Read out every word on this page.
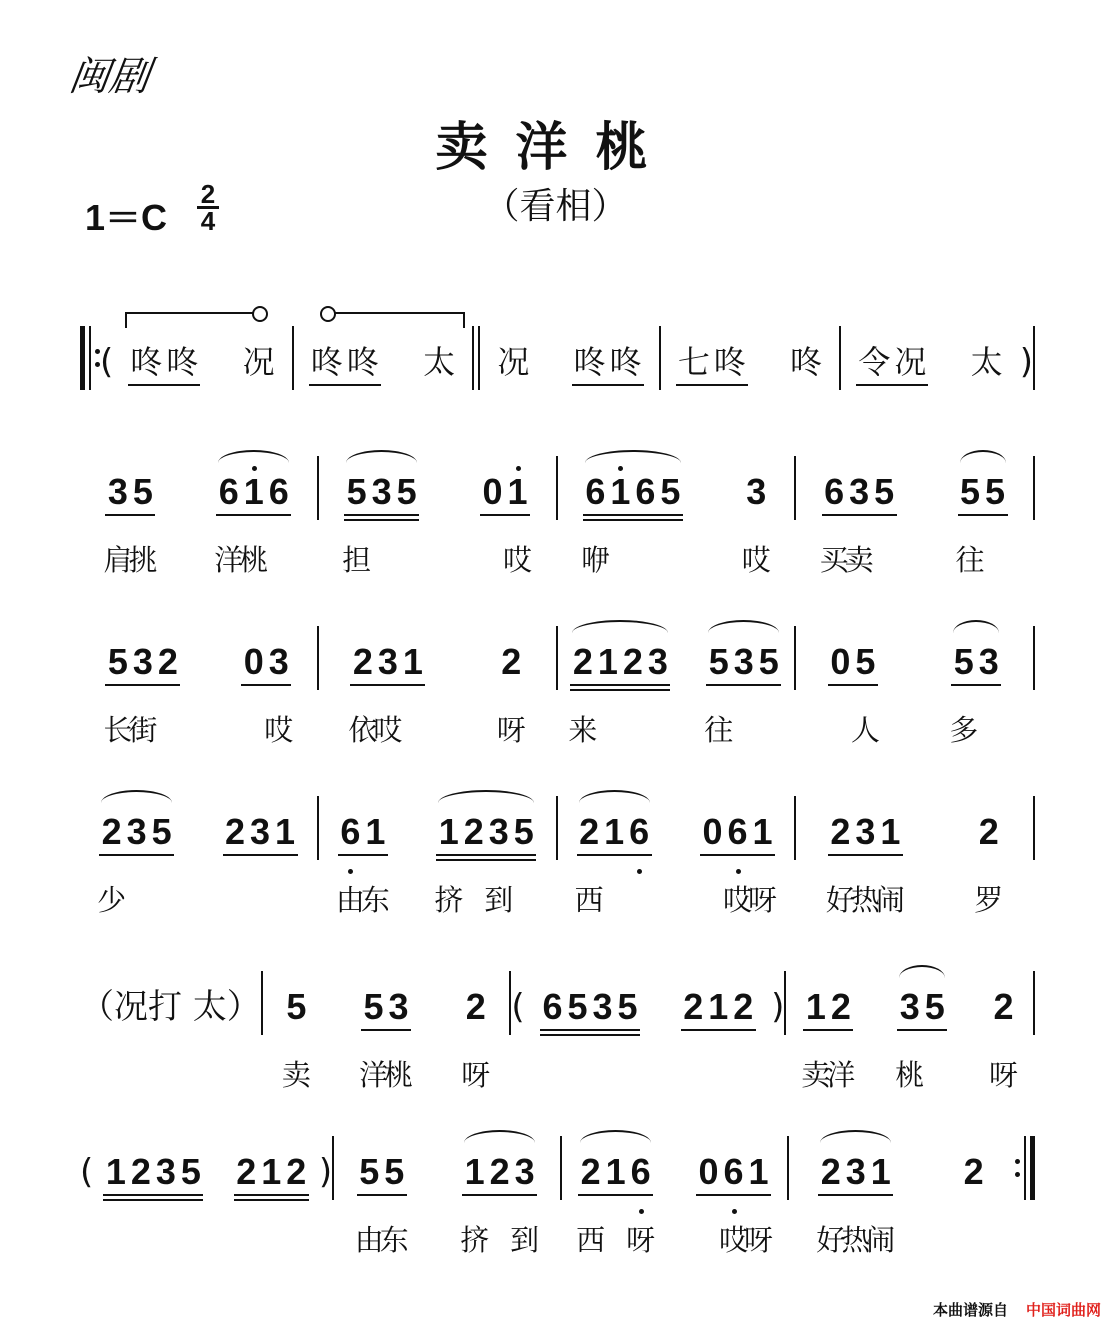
闽剧
卖洋桃
（看相）
1＝C
2
4
( 咚 咚 况 咚 咚 太 况 咚 咚 七 咚 咚 令 况 太 )
3
肩
5
挑
6
洋
1
桃
6 5
担
3 5 0 1
哎
6
咿
1 6 5 3
哎
6
买
3
卖
5 5
往
5
5
长
3
街
2 0 3
哎
2
依
3
哎
1 2
呀
2
来
1 2 3 5
往
3 5 0 5
人
5
多
3
2
少
3 5 2 3 1 6
由
1
东
1
挤
2 3
到
5 2
西
1 6 0 6
哎
1
呀
2
好
3
热
1
闹
2
罗
（况打 太） 5
卖
5
洋
3
桃
2
呀
( 6 5 3 5 2 1 2 ) 1
卖
2
洋
3
桃
5 2
呀
( 1 2 3 5 2 1 2 ) 5
由
5
东
1
挤
2 3
到
2
西
1 6
呀
0 6
哎
1
呀
2
好
3
热
1
闹
2
本曲谱源自 中国词曲网
